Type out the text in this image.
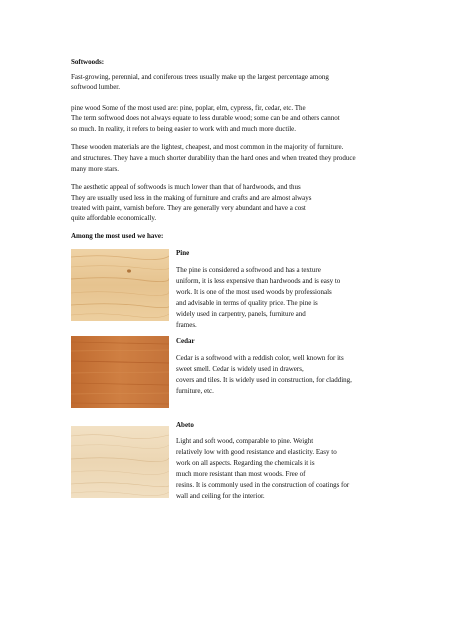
Softwoods:
Fast-growing, perennial, and coniferous trees usually make up the largest percentage among
softwood lumber.
pine wood Some of the most used are: pine, poplar, elm, cypress, fir, cedar, etc. The
The term softwood does not always equate to less durable wood; some can be and others cannot
so much. In reality, it refers to being easier to work with and much more ductile.
These wooden materials are the lightest, cheapest, and most common in the majority of furniture.
and structures. They have a much shorter durability than the hard ones and when treated they produce
many more stars.
The aesthetic appeal of softwoods is much lower than that of hardwoods, and thus
They are usually used less in the making of furniture and crafts and are almost always
treated with paint, varnish before. They are generally very abundant and have a cost
quite affordable economically.
Among the most used we have:
Pine
The pine is considered a softwood and has a texture
uniform, it is less expensive than hardwoods and is easy to
work. It is one of the most used woods by professionals
and advisable in terms of quality price. The pine is
widely used in carpentry, panels, furniture and
frames.
Cedar
Cedar is a softwood with a reddish color, well known for its
sweet smell. Cedar is widely used in drawers,
covers and tiles. It is widely used in construction, for cladding,
furniture, etc.
Abeto
Light and soft wood, comparable to pine. Weight
relatively low with good resistance and elasticity. Easy to
work on all aspects. Regarding the chemicals it is
much more resistant than most woods. Free of
resins. It is commonly used in the construction of coatings for
wall and ceiling for the interior.
